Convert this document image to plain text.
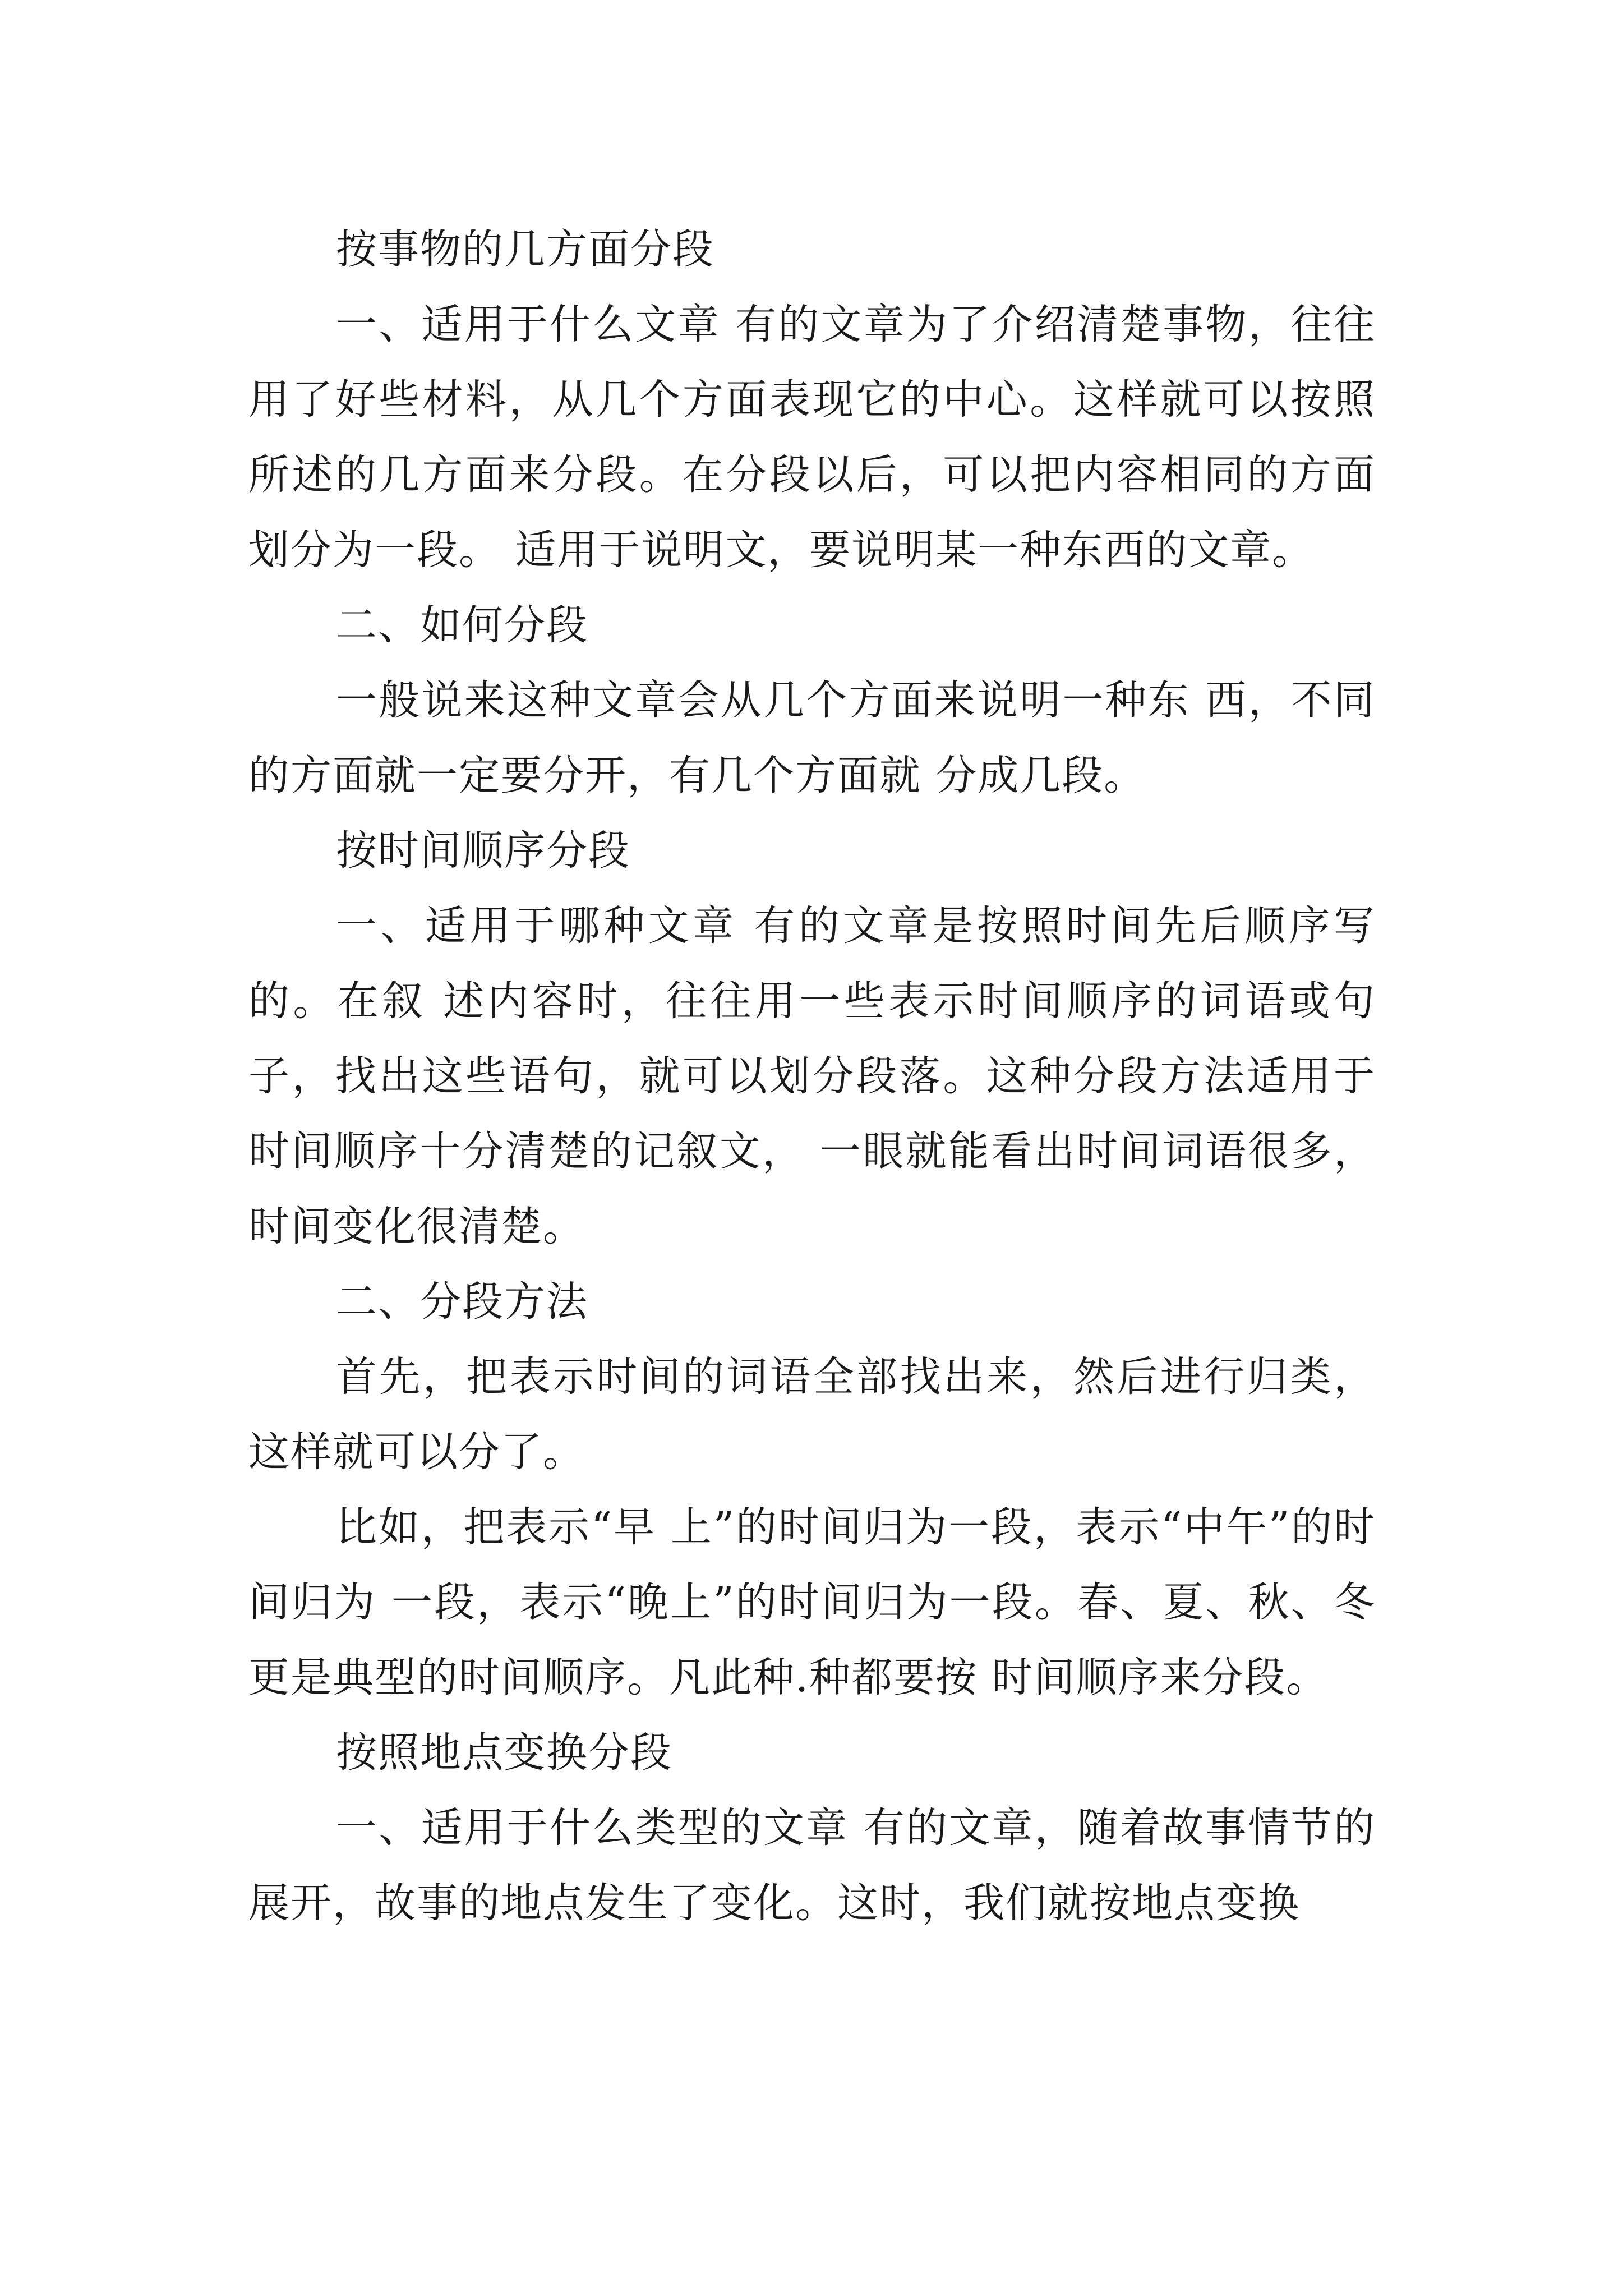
按事物的几方面分段

一、适用于什么文章 有的文章为了介绍清楚事物，往往用了好些材料，从几个方面表现它的中心。这样就可以按照所述的几方面来分段。在分段以后，可以把内容相同的方面划分为一段。 适用于说明文，要说明某一种东西的文章。

二、如何分段

一般说来这种文章会从几个方面来说明一种东 西，不同的方面就一定要分开，有几个方面就 分成几段。

按时间顺序分段

一、适用于哪种文章 有的文章是按照时间先后顺序写的。在叙 述内容时，往往用一些表示时间顺序的词语或句子，找出这些语句，就可以划分段落。这种分段方法适用于时间顺序十分清楚的记叙文， 一眼就能看出时间词语很多，时间变化很清楚。

二、分段方法

首先，把表示时间的词语全部找出来，然后进行归类，这样就可以分了。

比如，把表示“早 上”的时间归为一段，表示“中午”的时间归为 一段，表示“晚上”的时间归为一段。春、夏、秋、冬更是典型的时间顺序。凡此种.种都要按 时间顺序来分段。

按照地点变换分段

一、适用于什么类型的文章 有的文章，随着故事情节的展开，故事的地点发生了变化。这时，我们就按地点变换
